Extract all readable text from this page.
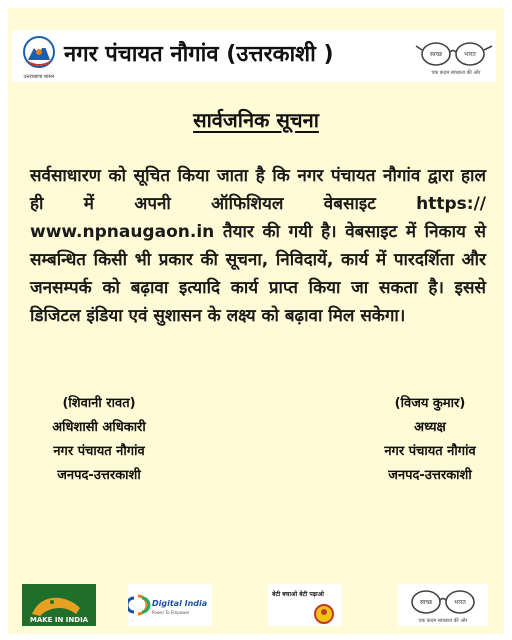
उत्तराखण्ड शासन
नगर पंचायत नौगांव (उत्तरकाशी )	स्वच्छ	भारत
एक कदम स्वच्छता की ओर
सार्वजनिक सूचना
सर्वसाधारण को सूचित किया जाता है कि नगर पंचायत नौगांव द्वारा हाल ही में अपनी ऑफिशियल वेबसाइट https:// www.npnaugaon.in तैयार की गयी है। वेबसाइट में निकाय से सम्बन्धित किसी भी प्रकार की सूचना, निविदायें, कार्य में पारदर्शिता और जनसम्पर्क को बढ़ावा इत्यादि कार्य प्राप्त किया जा सकता है। इससे डिजिटल इंडिया एवं सुशासन के लक्ष्य को बढ़ावा मिल सकेगा।
(शिवानी रावत)
अधिशासी अधिकारी
नगर पंचायत नौगांव
जनपद-उत्तरकाशी
(विजय कुमार)
अध्यक्ष
नगर पंचायत नौगांव
जनपद-उत्तरकाशी
MAKE IN INDIA
Digital India
Power To Empower
बेटी बचाओ बेटी पढ़ाओ
स्वच्छ	भारत
एक कदम स्वच्छता की ओर
